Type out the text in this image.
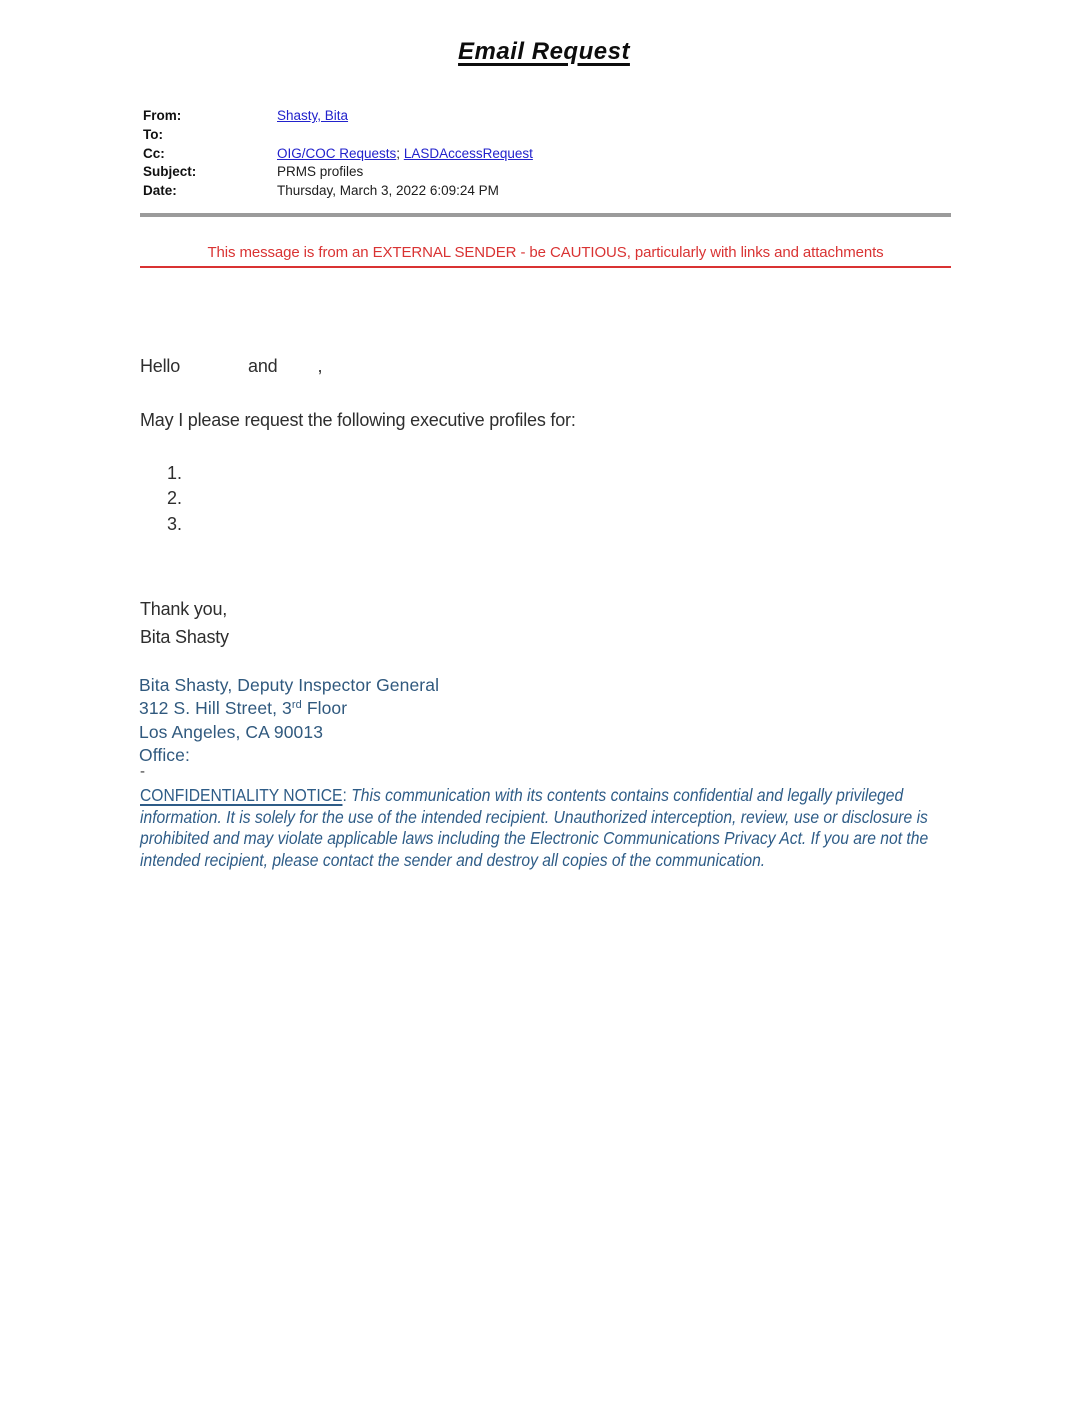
Email Request
From:	Shasty, Bita
To:
Cc:	OIG/COC Requests; LASDAccessRequest
Subject:	PRMS profiles
Date:	Thursday, March 3, 2022 6:09:24 PM
This message is from an EXTERNAL SENDER - be CAUTIOUS, particularly with links and attachments
Hello	and ,
May I please request the following executive profiles for:
1.
2.
3.
Thank you,
Bita Shasty
Bita Shasty, Deputy Inspector General
312 S. Hill Street, 3rd Floor
Los Angeles, CA 90013
Office:
-
CONFIDENTIALITY NOTICE: This communication with its contents contains confidential and legally privileged information. It is solely for the use of the intended recipient. Unauthorized interception, review, use or disclosure is prohibited and may violate applicable laws including the Electronic Communications Privacy Act. If you are not the intended recipient, please contact the sender and destroy all copies of the communication.
